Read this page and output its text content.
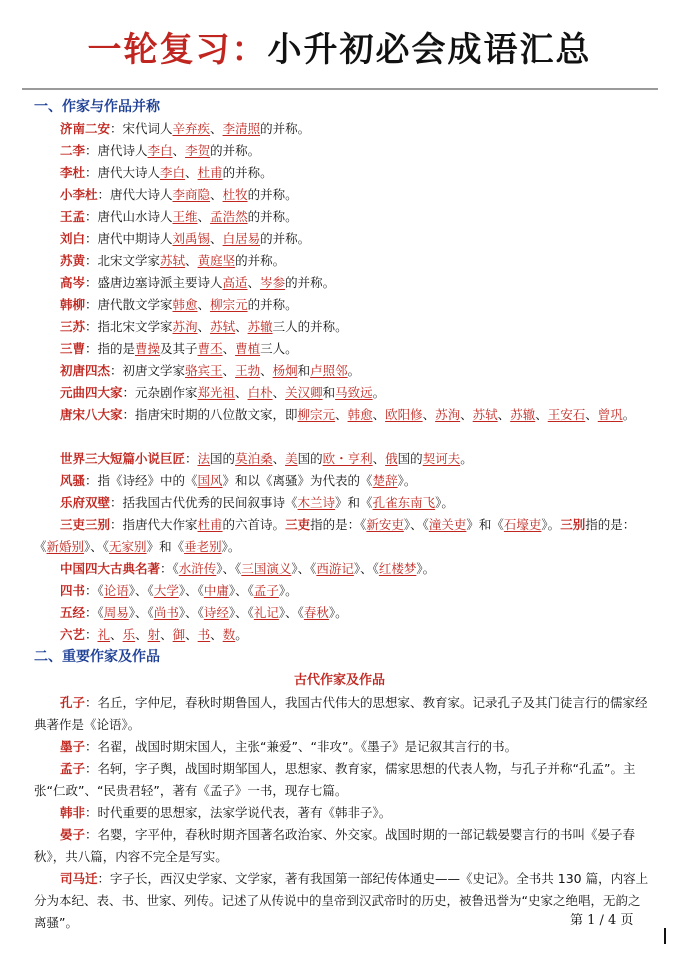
一轮复习：小升初必会成语汇总
一、作家与作品并称
济南二安：宋代词人辛弃疾、李清照的并称。
二李：唐代诗人李白、李贺的并称。
李杜：唐代大诗人李白、杜甫的并称。
小李杜：唐代大诗人李商隐、杜牧的并称。
王孟：唐代山水诗人王维、孟浩然的并称。
刘白：唐代中期诗人刘禹锡、白居易的并称。
苏黄：北宋文学家苏轼、黄庭坚的并称。
高岑：盛唐边塞诗派主要诗人高适、岑参的并称。
韩柳：唐代散文学家韩愈、柳宗元的并称。
三苏：指北宋文学家苏洵、苏轼、苏辙三人的并称。
三曹：指的是曹操及其子曹丕、曹植三人。
初唐四杰：初唐文学家骆宾王、王勃、杨炯和卢照邻。
元曲四大家：元杂剧作家郑光祖、白朴、关汉卿和马致远。
唐宋八大家：指唐宋时期的八位散文家，即柳宗元、韩愈、欧阳修、苏洵、苏轼、苏辙、王安石、曾巩。
世界三大短篇小说巨匠：法国的莫泊桑、美国的欧・亨利、俄国的契诃夫。
风骚：指《诗经》中的《国风》和以《离骚》为代表的《楚辞》。
乐府双壁：括我国古代优秀的民间叙事诗《木兰诗》和《孔雀东南飞》。
三吏三别：指唐代大作家杜甫的六首诗。三吏指的是：《新安吏》、《潼关吏》和《石壕吏》。三别指的是：《新婚别》、《无家别》和《垂老别》。
中国四大古典名著：《水浒传》、《三国演义》、《西游记》、《红楼梦》。
四书：《论语》、《大学》、《中庸》、《孟子》。
五经：《周易》、《尚书》、《诗经》、《礼记》、《春秋》。
六艺：礼、乐、射、御、书、数。
二、重要作家及作品
古代作家及作品
孔子：名丘，字仲尼，春秋时期鲁国人，我国古代伟大的思想家、教育家。记录孔子及其门徒言行的儒家经典著作是《论语》。
墨子：名翟，战国时期宋国人，主张“兼爱”、“非攻”。《墨子》是记叙其言行的书。
孟子：名轲，字子舆，战国时期邹国人，思想家、教育家，儒家思想的代表人物，与孔子并称“孔孟”。主张“仁政”、“民贵君轻”，著有《孟子》一书，现存七篇。
韩非：时代重要的思想家，法家学说代表，著有《韩非子》。
晏子：名婴，字平仲，春秋时期齐国著名政治家、外交家。战国时期的一部记载晏婴言行的书叫《晏子春秋》，共八篇，内容不完全是写实。
司马迁：字子长，西汉史学家、文学家，著有我国第一部纪传体通史——《史记》。全书共 130 篇，内容上分为本纪、表、书、世家、列传。记述了从传说中的皇帝到汉武帝时的历史，被鲁迅誉为“史家之绝唱，无韵之离骚”。	第 1 / 4 页
